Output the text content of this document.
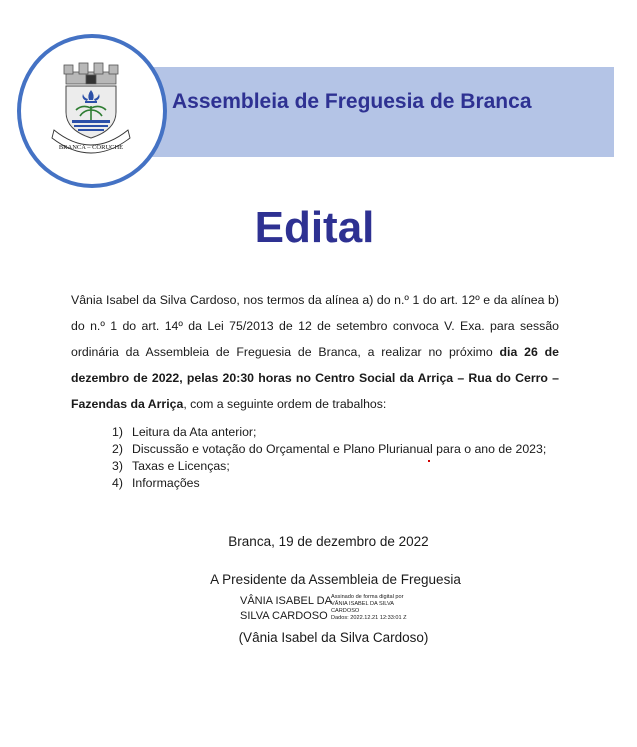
Assembleia de Freguesia de Branca
BRANCA – CORUCHE
Edital
Vânia Isabel da Silva Cardoso, nos termos da alínea a) do n.º 1 do art. 12º e da alínea b) do n.º 1 do art. 14º da Lei 75/2013 de 12 de setembro convoca V. Exa. para sessão ordinária da Assembleia de Freguesia de Branca, a realizar no próximo dia 26 de dezembro de 2022, pelas 20:30 horas no Centro Social da Arriça – Rua do Cerro – Fazendas da Arriça, com a seguinte ordem de trabalhos:
1) Leitura da Ata anterior;
2) Discussão e votação do Orçamental e Plano Plurianual para o ano de 2023;
3) Taxas e Licenças;
4) Informações
Branca, 19 de dezembro de 2022
A Presidente da Assembleia de Freguesia
VÂNIA ISABEL DA
SILVA CARDOSO
Assinado de forma digital por
VÂNIA ISABEL DA SILVA
CARDOSO
Dados: 2022.12.21 12:33:01 Z
(Vânia Isabel da Silva Cardoso)
